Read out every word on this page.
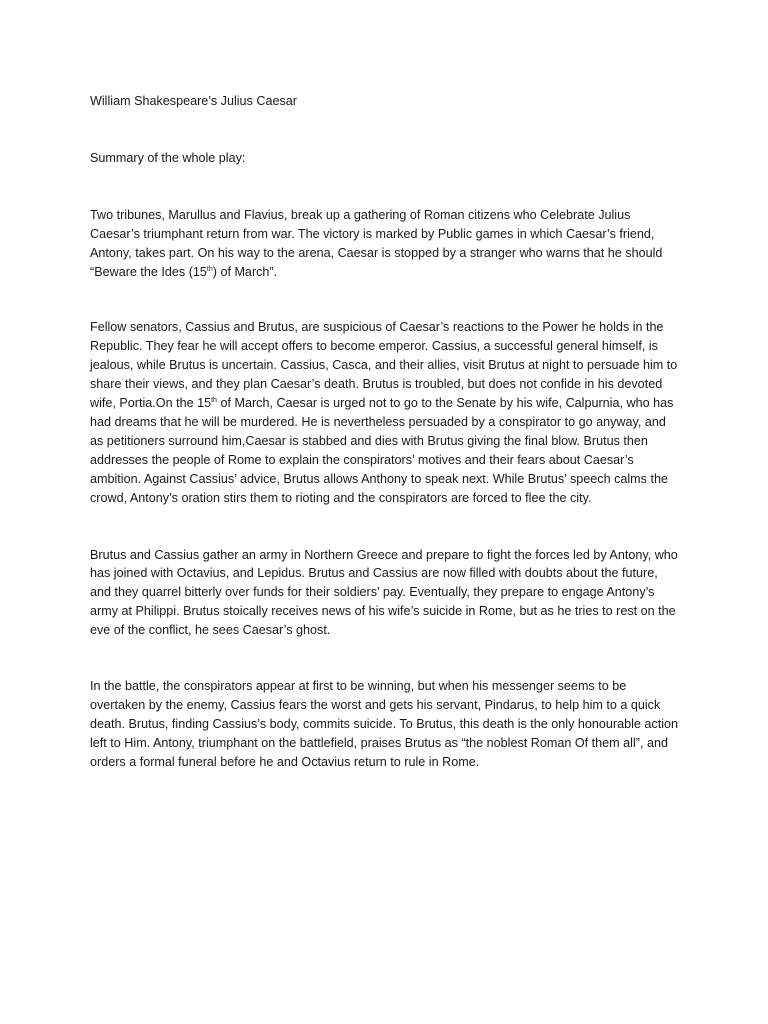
William Shakespeare’s Julius Caesar

Summary of the whole play:

Two tribunes, Marullus and Flavius, break up a gathering of Roman citizens who Celebrate Julius Caesar’s triumphant return from war. The victory is marked by Public games in which Caesar’s friend, Antony, takes part. On his way to the arena, Caesar is stopped by a stranger who warns that he should “Beware the Ides (15th) of March”.

Fellow senators, Cassius and Brutus, are suspicious of Caesar’s reactions to the Power he holds in the Republic. They fear he will accept offers to become emperor. Cassius, a successful general himself, is jealous, while Brutus is uncertain. Cassius, Casca, and their allies, visit Brutus at night to persuade him to share their views, and they plan Caesar’s death. Brutus is troubled, but does not confide in his devoted wife, Portia.On the 15th of March, Caesar is urged not to go to the Senate by his wife, Calpurnia, who has had dreams that he will be murdered. He is nevertheless persuaded by a conspirator to go anyway, and as petitioners surround him,Caesar is stabbed and dies with Brutus giving the final blow. Brutus then addresses the people of Rome to explain the conspirators’ motives and their fears about Caesar’s ambition. Against Cassius’ advice, Brutus allows Anthony to speak next. While Brutus’ speech calms the crowd, Antony’s oration stirs them to rioting and the conspirators are forced to flee the city.

Brutus and Cassius gather an army in Northern Greece and prepare to fight the forces led by Antony, who has joined with Octavius, and Lepidus. Brutus and Cassius are now filled with doubts about the future, and they quarrel bitterly over funds for their soldiers’ pay. Eventually, they prepare to engage Antony’s army at Philippi. Brutus stoically receives news of his wife’s suicide in Rome, but as he tries to rest on the eve of the conflict, he sees Caesar’s ghost.

In the battle, the conspirators appear at first to be winning, but when his messenger seems to be overtaken by the enemy, Cassius fears the worst and gets his servant, Pindarus, to help him to a quick death. Brutus, finding Cassius’s body, commits suicide. To Brutus, this death is the only honourable action left to Him. Antony, triumphant on the battlefield, praises Brutus as “the noblest Roman Of them all”, and orders a formal funeral before he and Octavius return to rule in Rome.
